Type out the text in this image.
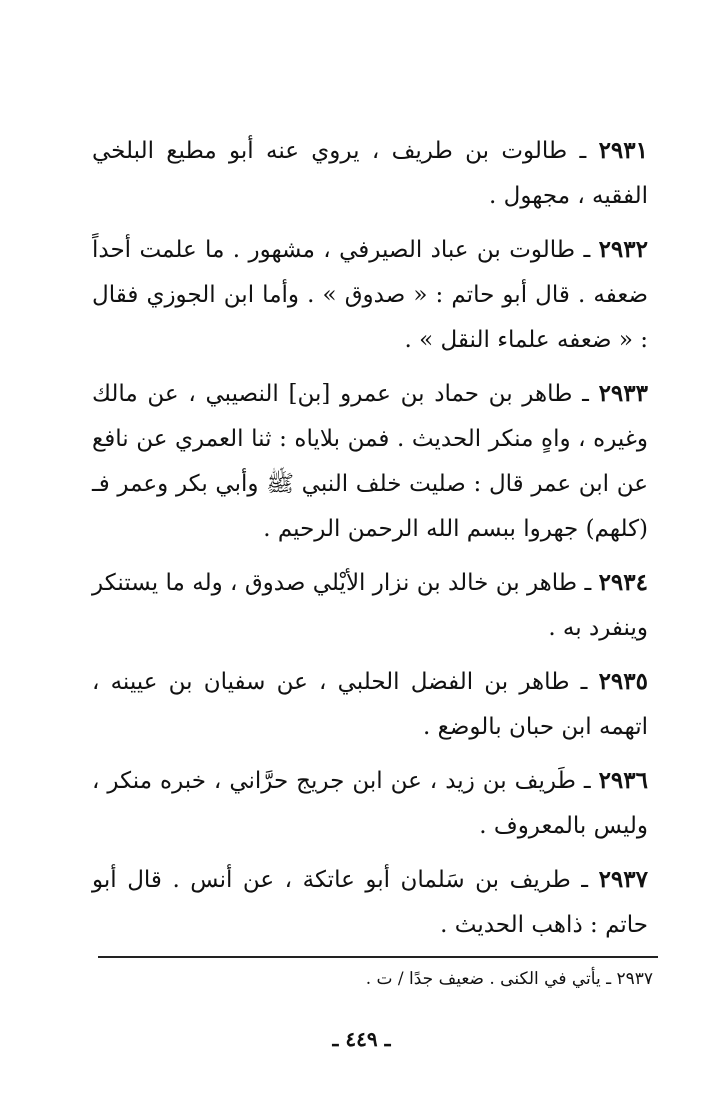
٢٩٣١ ـ طالوت بن طريف ، يروي عنه أبو مطيع البلخي الفقيه ، مجهول .

٢٩٣٢ ـ طالوت بن عباد الصيرفي ، مشهور . ما علمت أحداً ضعفه . قال أبو حاتم : « صدوق » . وأما ابن الجوزي فقال : « ضعفه علماء النقل » .

٢٩٣٣ ـ طاهر بن حماد بن عمرو [بن] النصيبي ، عن مالك وغيره ، واهٍ منكر الحديث . فمن بلاياه : ثنا العمري عن نافع عن ابن عمر قال : صليت خلف النبي ﷺ وأبي بكر وعمر فـ (كلهم) جهروا ببسم الله الرحمن الرحيم .

٢٩٣٤ ـ طاهر بن خالد بن نزار الأيْلي صدوق ، وله ما يستنكر وينفرد به .

٢٩٣٥ ـ طاهر بن الفضل الحلبي ، عن سفيان بن عيينه ، اتهمه ابن حبان بالوضع .

٢٩٣٦ ـ طَريف بن زيد ، عن ابن جريج حرَّاني ، خبره منكر ، وليس بالمعروف .

٢٩٣٧ ـ طريف بن سَلمان أبو عاتكة ، عن أنس . قال أبو حاتم : ذاهب الحديث .

٢٩٣٧ ـ يأتي في الكنى . ضعيف جدًا / ت .
ـ ٤٤٩ ـ
